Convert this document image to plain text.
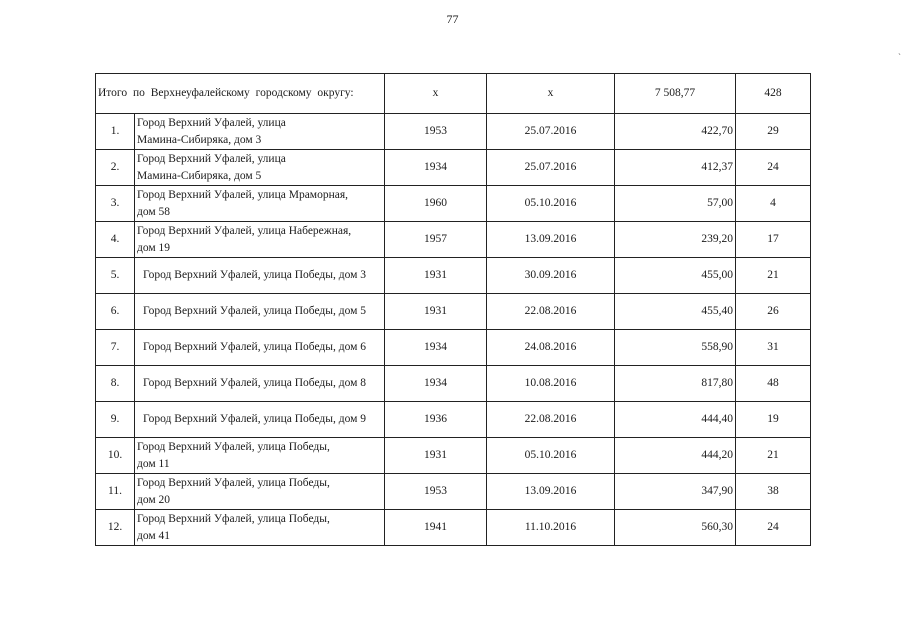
77
ˋ
Итого по Верхнеуфалейскому городскому округу:		х	х	7 508,77	428
1.	Город Верхний Уфалей, улица
Мамина-Сибиряка, дом 3	1953	25.07.2016	422,70	29
2.	Город Верхний Уфалей, улица
Мамина-Сибиряка, дом 5	1934	25.07.2016	412,37	24
3.	Город Верхний Уфалей, улица Мраморная,
дом 58	1960	05.10.2016	57,00	4
4.	Город Верхний Уфалей, улица Набережная,
дом 19	1957	13.09.2016	239,20	17
5.	Город Верхний Уфалей, улица Победы, дом 3	1931	30.09.2016	455,00	21
6.	Город Верхний Уфалей, улица Победы, дом 5	1931	22.08.2016	455,40	26
7.	Город Верхний Уфалей, улица Победы, дом 6	1934	24.08.2016	558,90	31
8.	Город Верхний Уфалей, улица Победы, дом 8	1934	10.08.2016	817,80	48
9.	Город Верхний Уфалей, улица Победы, дом 9	1936	22.08.2016	444,40	19
10.	Город Верхний Уфалей, улица Победы,
дом 11	1931	05.10.2016	444,20	21
11.	Город Верхний Уфалей, улица Победы,
дом 20	1953	13.09.2016	347,90	38
12.	Город Верхний Уфалей, улица Победы,
дом 41	1941	11.10.2016	560,30	24
